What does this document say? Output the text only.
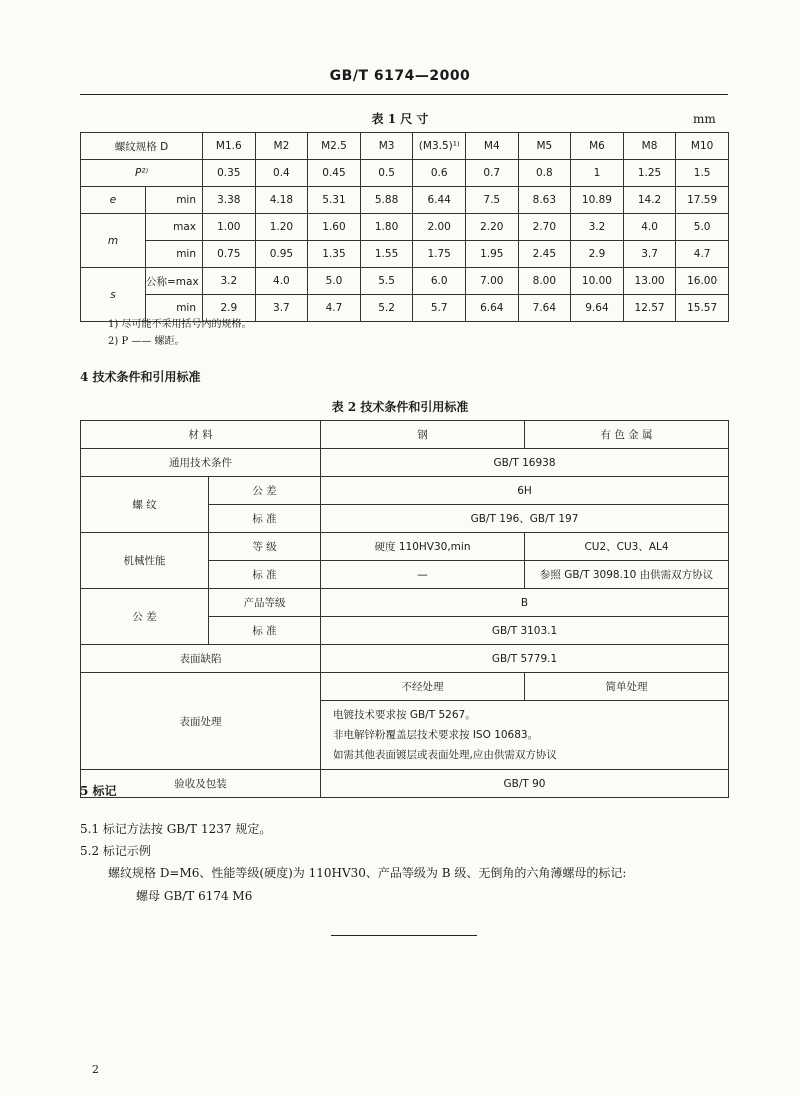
GB/T 6174—2000
表 1 尺 寸	mm
螺纹规格 D		M1.6	M2	M2.5	M3	(M3.5)¹⁾	M4	M5	M6	M8	M10
P²⁾		0.35	0.4	0.45	0.5	0.6	0.7	0.8	1	1.25	1.5
e	min	3.38	4.18	5.31	5.88	6.44	7.5	8.63	10.89	14.2	17.59
m	max	1.00	1.20	1.60	1.80	2.00	2.20	2.70	3.2	4.0	5.0
	min	0.75	0.95	1.35	1.55	1.75	1.95	2.45	2.9	3.7	4.7
s	公称=max	3.2	4.0	5.0	5.5	6.0	7.00	8.00	10.00	13.00	16.00
	min	2.9	3.7	4.7	5.2	5.7	6.64	7.64	9.64	12.57	15.57
1) 尽可能不采用括号内的规格。
2) P —— 螺距。
4 技术条件和引用标准
表 2 技术条件和引用标准
材 料		钢	有 色 金 属
通用技术条件		GB/T 16938	
螺 纹	公 差	6H	
	标 准	GB/T 196、GB/T 197	
机械性能	等 级	硬度 110HV30,min	CU2、CU3、AL4
	标 准	—	参照 GB/T 3098.10 由供需双方协议
公 差	产品等级	B	
	标 准	GB/T 3103.1	
表面缺陷		GB/T 5779.1	
表面处理		不经处理	简单处理

		电镀技术要求按 GB/T 5267。
非电解锌粉覆盖层技术要求按 ISO 10683。
如需其他表面镀层或表面处理,应由供需双方协议	

验收及包装		GB/T 90	
5 标记
5.1 标记方法按 GB/T 1237 规定。
5.2 标记示例
螺纹规格 D=M6、性能等级(硬度)为 110HV30、产品等级为 B 级、无倒角的六角薄螺母的标记:
螺母 GB/T 6174 M6
2
